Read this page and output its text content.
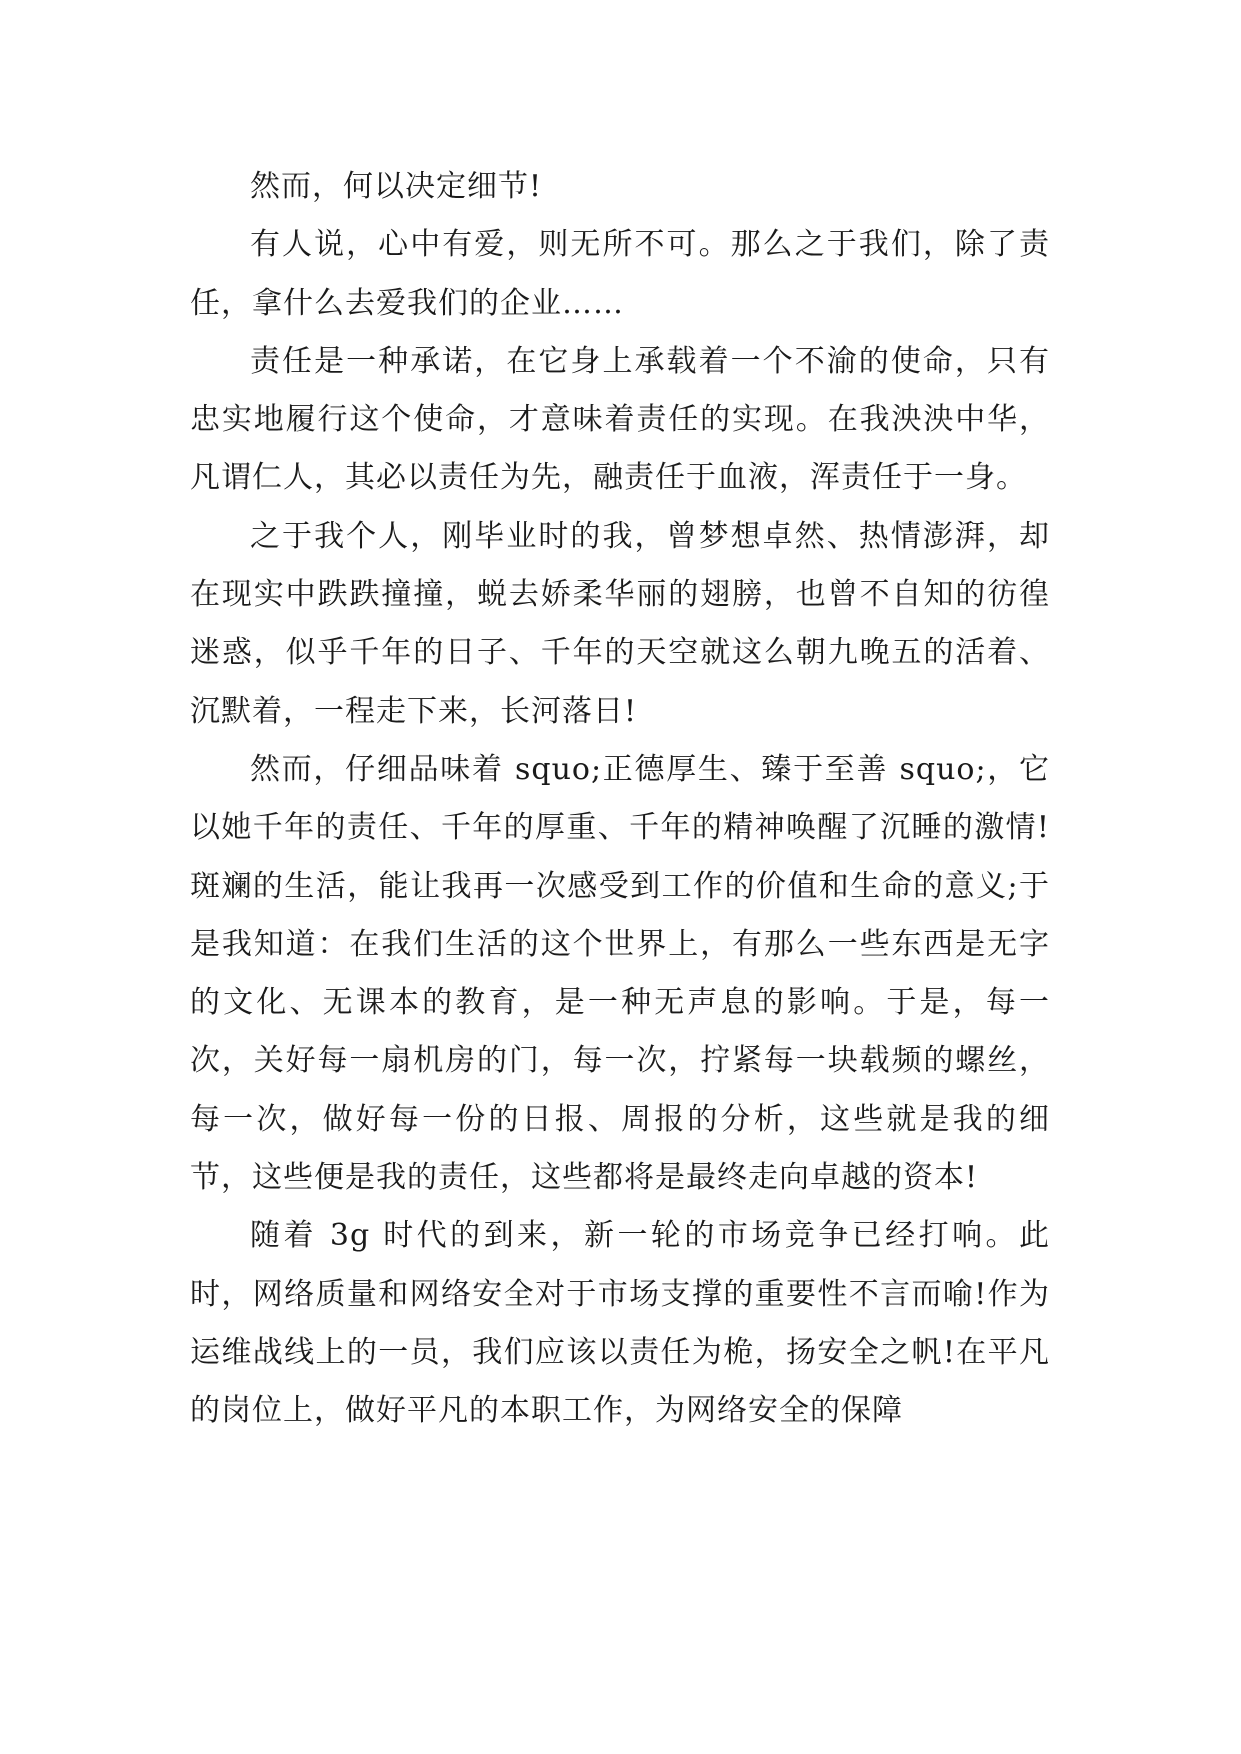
然而，何以决定细节!

有人说，心中有爱，则无所不可。那么之于我们，除了责任，拿什么去爱我们的企业……

责任是一种承诺，在它身上承载着一个不渝的使命，只有忠实地履行这个使命，才意味着责任的实现。在我泱泱中华，凡谓仁人，其必以责任为先，融责任于血液，浑责任于一身。

之于我个人，刚毕业时的我，曾梦想卓然、热情澎湃，却在现实中跌跌撞撞，蜕去娇柔华丽的翅膀，也曾不自知的彷徨迷惑，似乎千年的日子、千年的天空就这么朝九晚五的活着、沉默着，一程走下来，长河落日!

然而，仔细品味着 squo;正德厚生、臻于至善 squo;，它以她千年的责任、千年的厚重、千年的精神唤醒了沉睡的激情!斑斓的生活，能让我再一次感受到工作的价值和生命的意义;于是我知道：在我们生活的这个世界上，有那么一些东西是无字的文化、无课本的教育，是一种无声息的影响。于是，每一次，关好每一扇机房的门，每一次，拧紧每一块载频的螺丝，每一次，做好每一份的日报、周报的分析，这些就是我的细节，这些便是我的责任，这些都将是最终走向卓越的资本!

随着 3g 时代的到来，新一轮的市场竞争已经打响。此时，网络质量和网络安全对于市场支撑的重要性不言而喻!作为运维战线上的一员，我们应该以责任为桅，扬安全之帆!在平凡的岗位上，做好平凡的本职工作，为网络安全的保障
